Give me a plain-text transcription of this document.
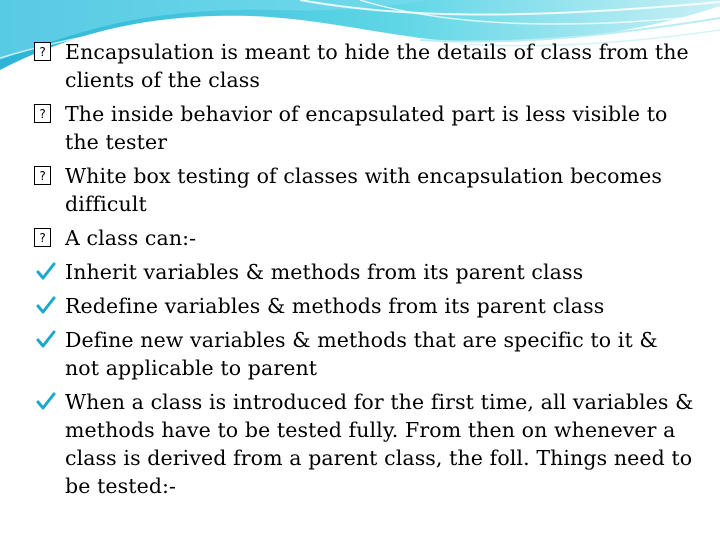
?
Encapsulation is meant to hide the details of class from the clients of the class
?
The inside behavior of encapsulated part is less visible to the tester
?
White box testing of classes with encapsulation becomes difficult
?
A class can:-
Inherit variables & methods from its parent class
Redefine variables & methods from its parent class
Define new variables & methods that are specific to it & not applicable to parent
When a class is introduced for the first time, all variables & methods have to be tested fully. From then on whenever a class is derived from a parent class, the foll. Things need to be tested:-
